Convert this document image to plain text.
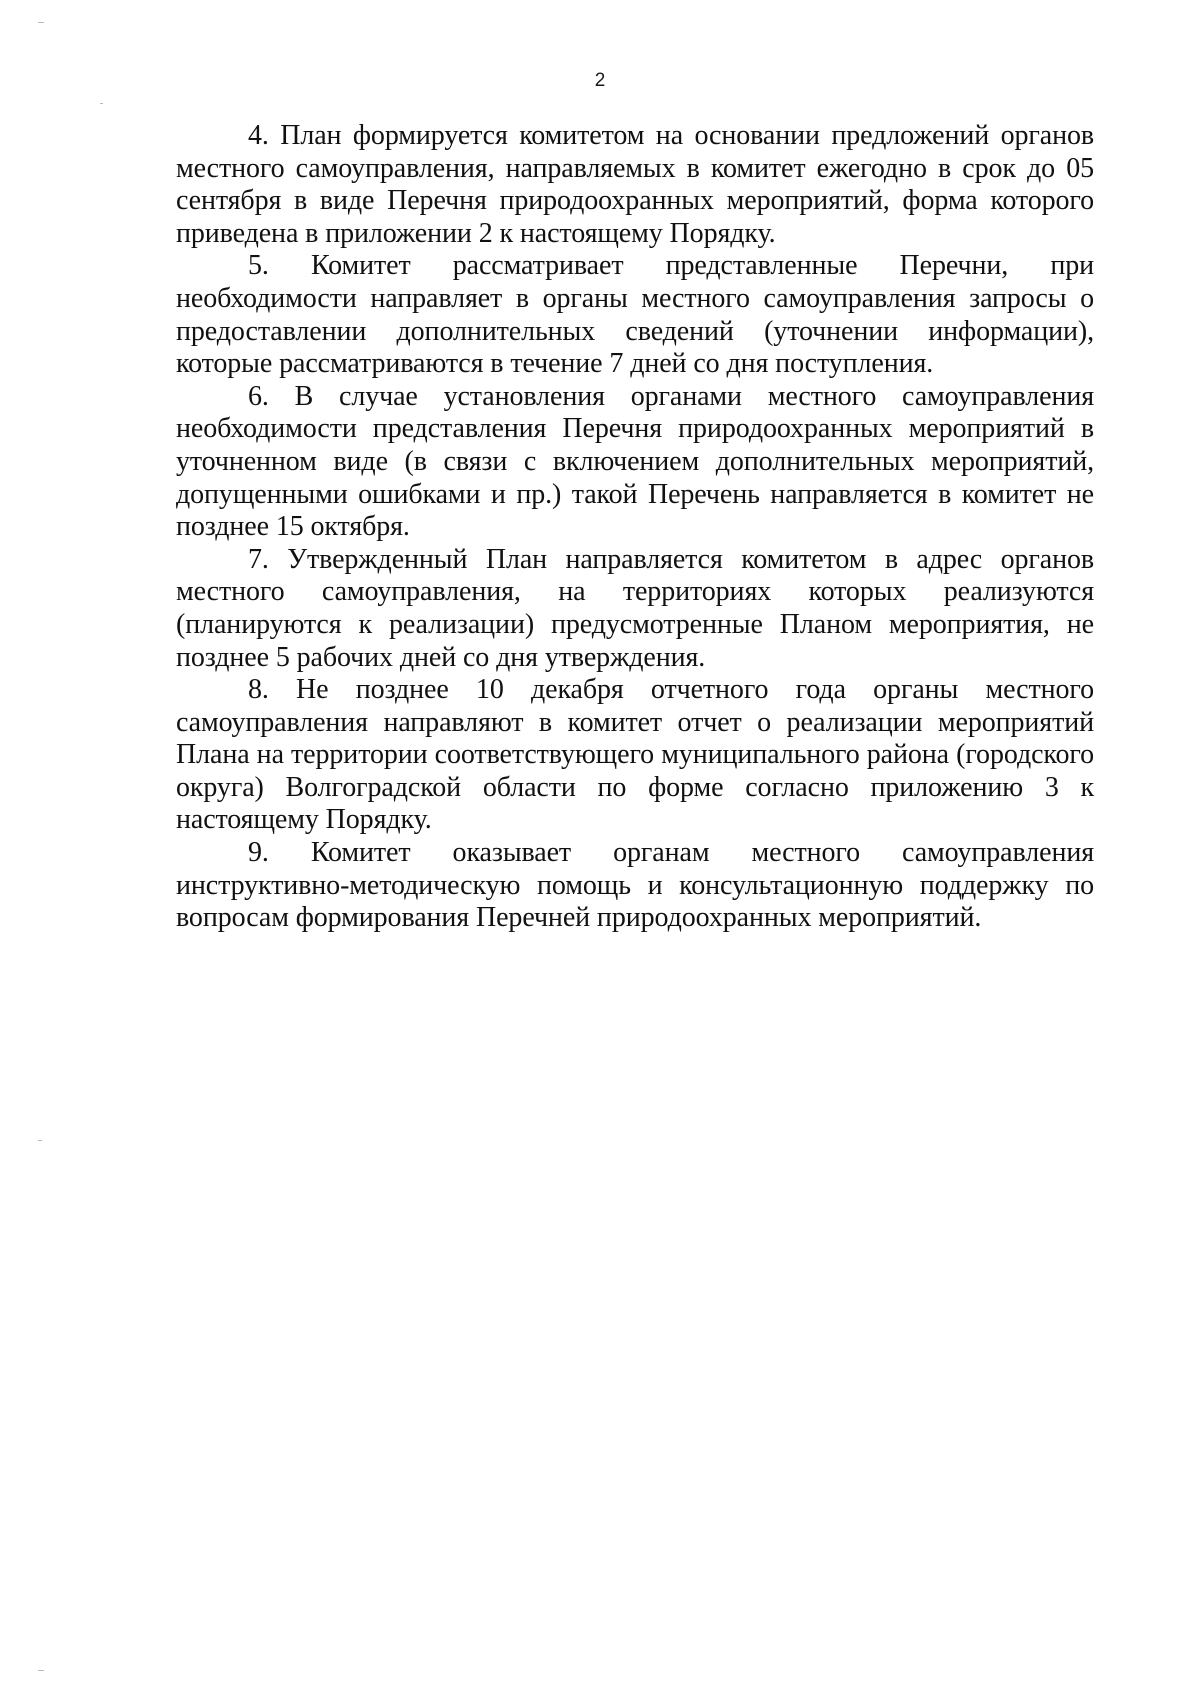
2

4. План формируется комитетом на основании предложений органов местного самоуправления, направляемых в комитет ежегодно в срок до 05 сентября в виде Перечня природоохранных мероприятий, форма которого приведена в приложении 2 к настоящему Порядку.

5. Комитет рассматривает представленные Перечни, при необходимости направляет в органы местного самоуправления запросы о предоставлении дополнительных сведений (уточнении информации), которые рассматриваются в течение 7 дней со дня поступления.

6. В случае установления органами местного самоуправления необходимости представления Перечня природоохранных мероприятий в уточненном виде (в связи с включением дополнительных мероприятий, допущенными ошибками и пр.) такой Перечень направляется в комитет не позднее 15 октября.

7. Утвержденный План направляется комитетом в адрес органов местного самоуправления, на территориях которых реализуются (планируются к реализации) предусмотренные Планом мероприятия, не позднее 5 рабочих дней со дня утверждения.

8. Не позднее 10 декабря отчетного года органы местного самоуправления направляют в комитет отчет о реализации мероприятий Плана на территории соответствующего муниципального района (городского округа) Волгоградской области по форме согласно приложению 3 к настоящему Порядку.

9. Комитет оказывает органам местного самоуправления инструктивно-методическую помощь и консультационную поддержку по вопросам формирования Перечней природоохранных мероприятий.
